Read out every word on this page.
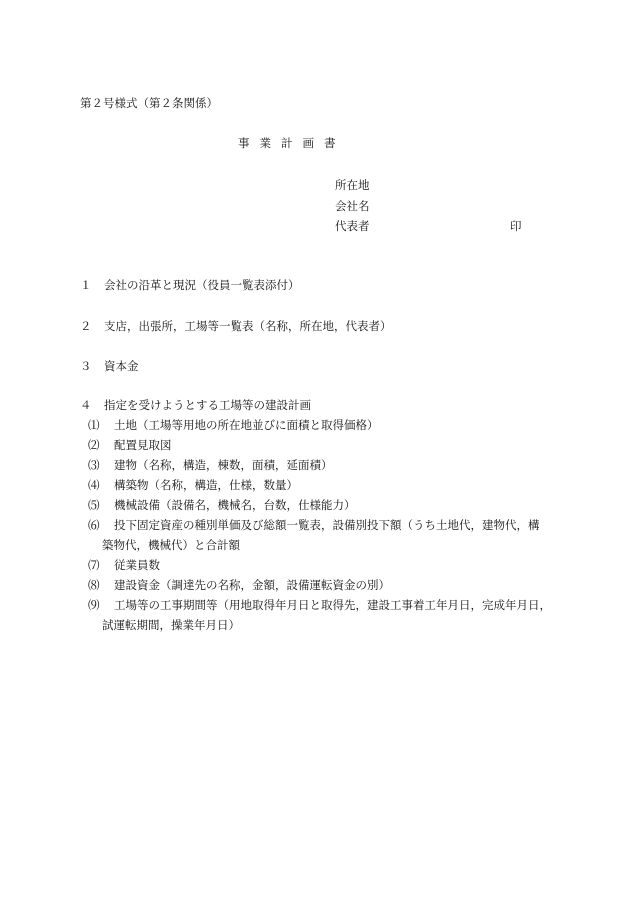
第２号様式（第２条関係）
事業計画書
所在地
会社名
代表者	印
１ 会社の沿革と現況（役員一覧表添付）
２ 支店，出張所，工場等一覧表（名称，所在地，代表者）
３ 資本金
４ 指定を受けようとする工場等の建設計画
⑴ 土地（工場等用地の所在地並びに面積と取得価格）
⑵ 配置見取図
⑶ 建物（名称，構造，棟数，面積，延面積）
⑷ 構築物（名称，構造，仕様，数量）
⑸ 機械設備（設備名，機械名，台数，仕様能力）
⑹ 投下固定資産の種別単価及び総額一覧表，設備別投下額（うち土地代，建物代，構
築物代，機械代）と合計額
⑺ 従業員数
⑻ 建設資金（調達先の名称，金額，設備運転資金の別）
⑼ 工場等の工事期間等（用地取得年月日と取得先，建設工事着工年月日，完成年月日，
試運転期間，操業年月日）
